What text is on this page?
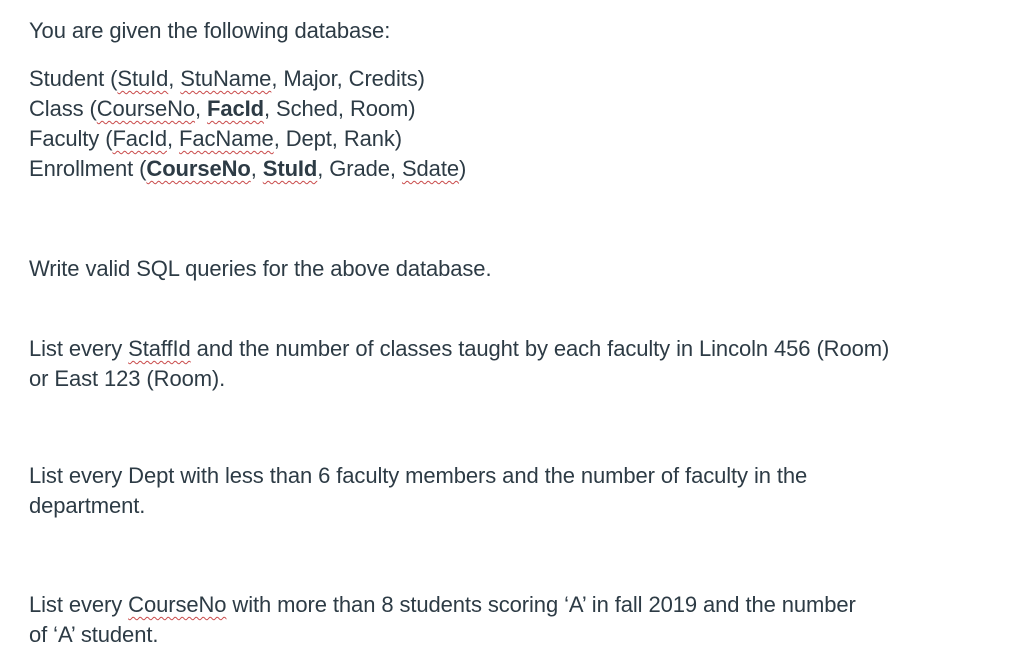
You are given the following database:
Student (StuId, StuName, Major, Credits)
Class (CourseNo, FacId, Sched, Room)
Faculty (FacId, FacName, Dept, Rank)
Enrollment (CourseNo, StuId, Grade, Sdate)
Write valid SQL queries for the above database.
List every StaffId and the number of classes taught by each faculty in Lincoln 456 (Room)
or East 123 (Room).
List every Dept with less than 6 faculty members and the number of faculty in the
department.
List every CourseNo with more than 8 students scoring ‘A’ in fall 2019 and the number
of ‘A’ student.
